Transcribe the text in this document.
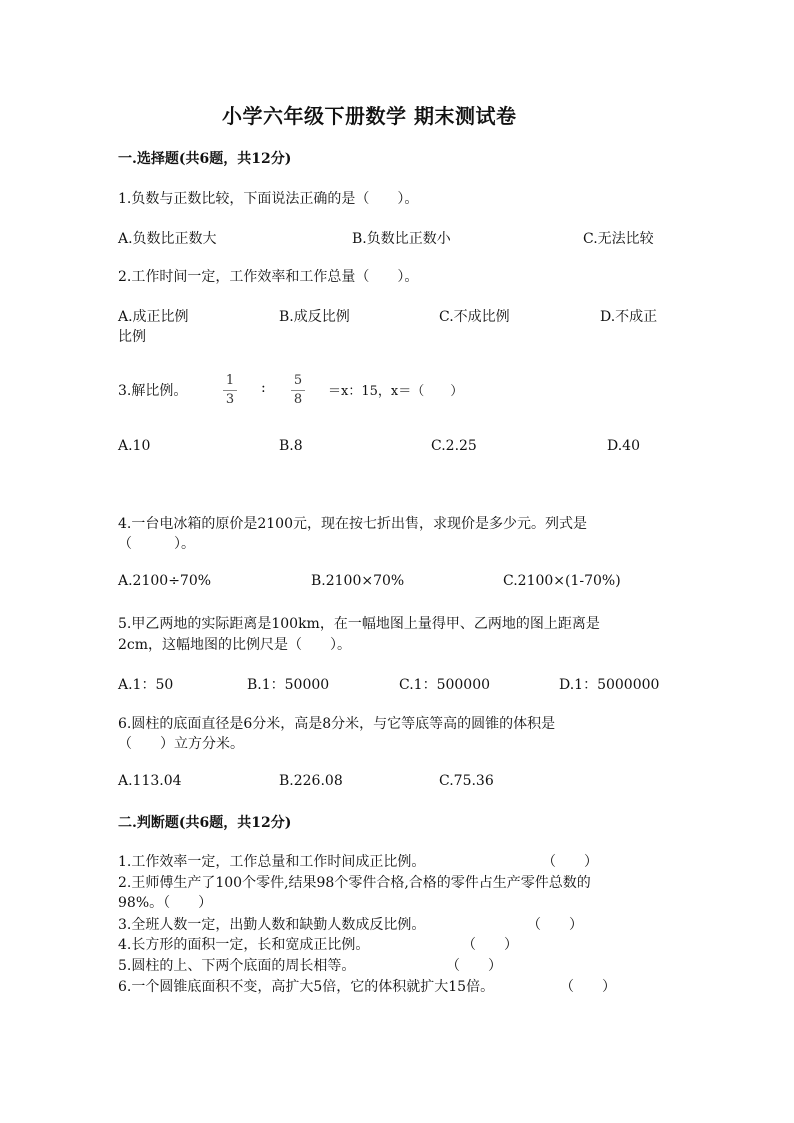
小学六年级下册数学 期末测试卷
一.选择题(共6题，共12分)
1.负数与正数比较，下面说法正确的是（　　）。
A.负数比正数大	B.负数比正数小	C.无法比较
2.工作时间一定，工作效率和工作总量（　　）。
A.成正比例	B.成反比例	C.不成比例	D.不成正
比例
3.解比例。
1
3
: 5
8
＝x：15，x＝（　　）
A.10	B.8	C.2.25	D.40
4.一台电冰箱的原价是2100元，现在按七折出售，求现价是多少元。列式是
（　　　）。
A.2100÷70%	B.2100×70%	C.2100×(1-70%)
5.甲乙两地的实际距离是100km，在一幅地图上量得甲、乙两地的图上距离是
2cm，这幅地图的比例尺是（　　）。
A.1：50	B.1：50000	C.1：500000	D.1：5000000
6.圆柱的底面直径是6分米，高是8分米，与它等底等高的圆锥的体积是
（　　）立方分米。
A.113.04	B.226.08	C.75.36
二.判断题(共6题，共12分)
1.工作效率一定，工作总量和工作时间成正比例。	（　　）
2.王师傅生产了100个零件,结果98个零件合格,合格的零件占生产零件总数的
98%。（　　）
3.全班人数一定，出勤人数和缺勤人数成反比例。	（　　）
4.长方形的面积一定，长和宽成正比例。	（　　）
5.圆柱的上、下两个底面的周长相等。	（　　）
6.一个圆锥底面积不变，高扩大5倍，它的体积就扩大15倍。	（　　）
